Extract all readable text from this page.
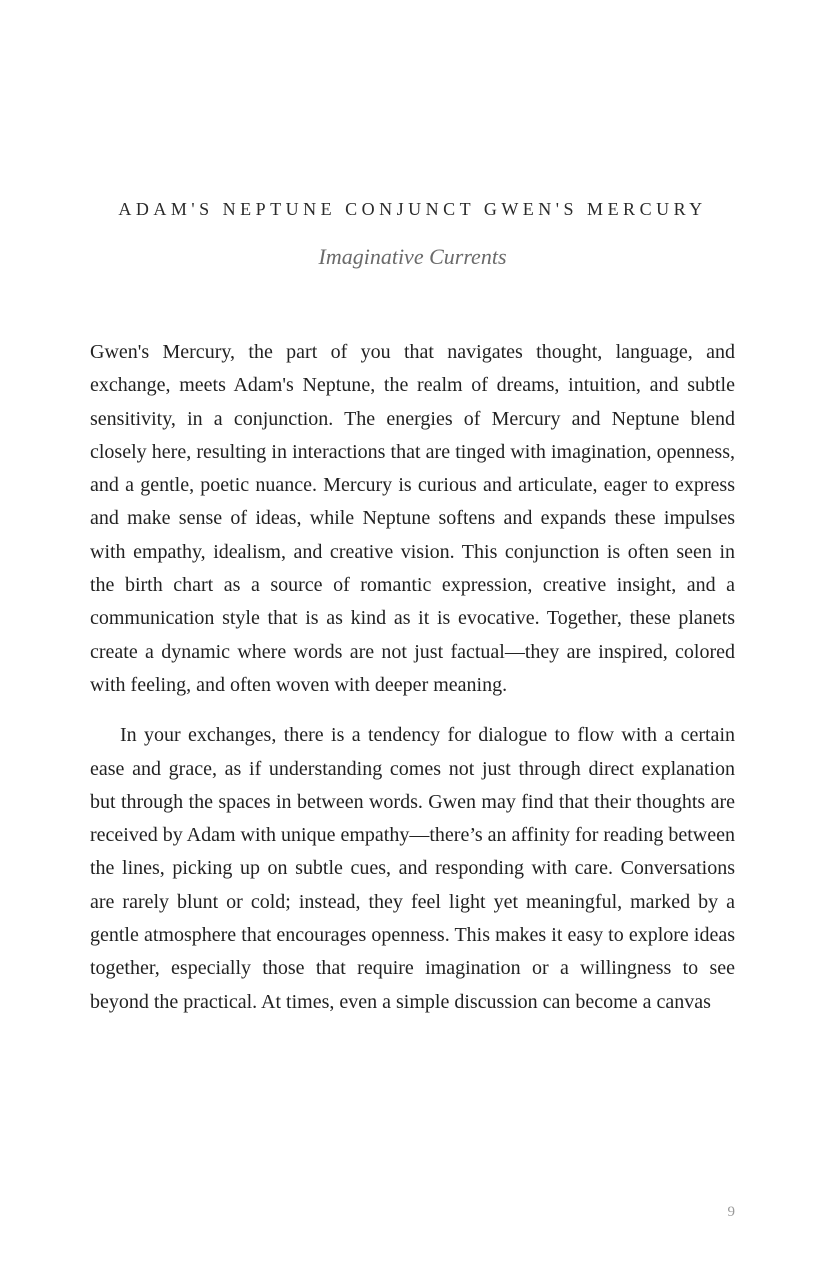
ADAM'S NEPTUNE CONJUNCT GWEN'S MERCURY
Imaginative Currents

Gwen's Mercury, the part of you that navigates thought, language, and exchange, meets Adam's Neptune, the realm of dreams, intuition, and subtle sensitivity, in a conjunction. The energies of Mercury and Neptune blend closely here, resulting in interactions that are tinged with imagination, openness, and a gentle, poetic nuance. Mercury is curious and articulate, eager to express and make sense of ideas, while Neptune softens and expands these impulses with empathy, idealism, and creative vision. This conjunction is often seen in the birth chart as a source of romantic expression, creative insight, and a communication style that is as kind as it is evocative. Together, these planets create a dynamic where words are not just factual—they are inspired, colored with feeling, and often woven with deeper meaning.

In your exchanges, there is a tendency for dialogue to flow with a certain ease and grace, as if understanding comes not just through direct explanation but through the spaces in between words. Gwen may find that their thoughts are received by Adam with unique empathy—there’s an affinity for reading between the lines, picking up on subtle cues, and responding with care. Conversations are rarely blunt or cold; instead, they feel light yet meaningful, marked by a gentle atmosphere that encourages openness. This makes it easy to explore ideas together, especially those that require imagination or a willingness to see beyond the practical. At times, even a simple discussion can become a canvas

9
